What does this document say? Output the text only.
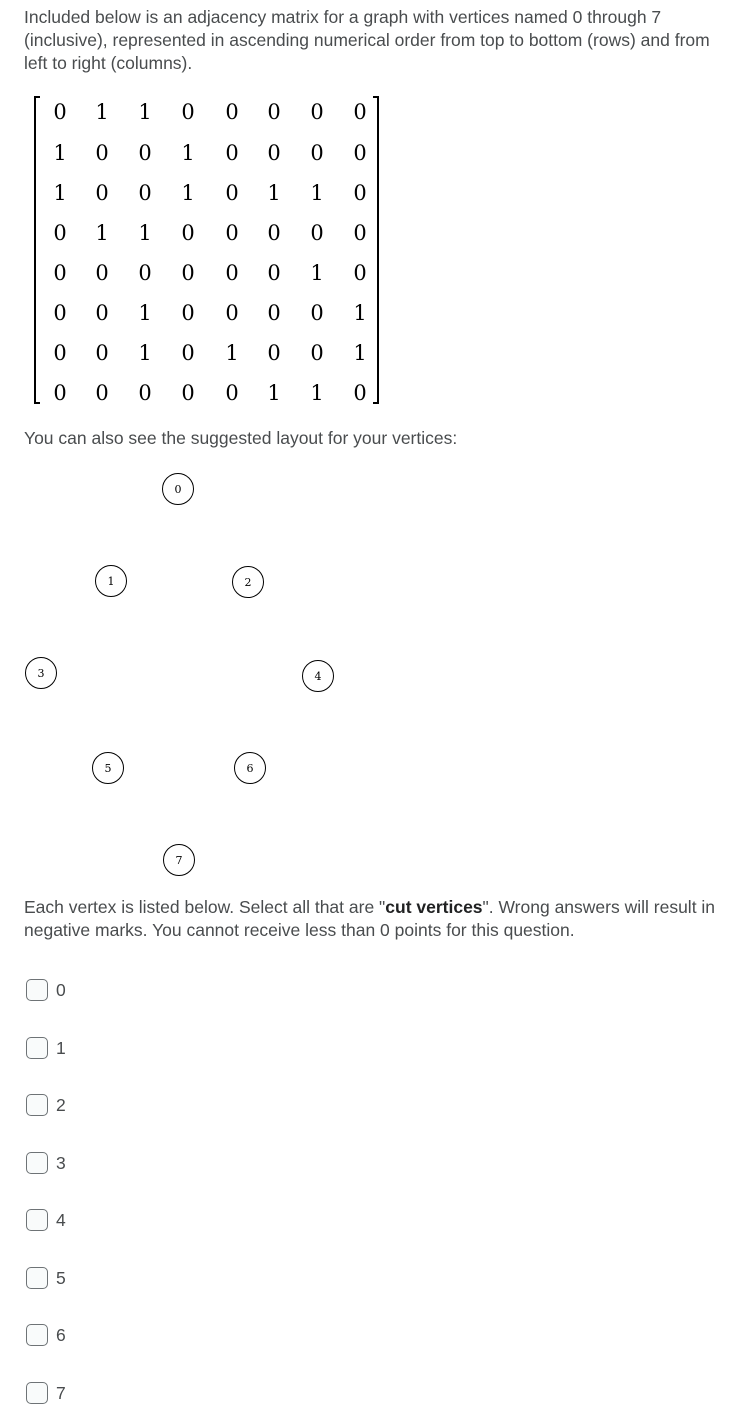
Included below is an adjacency matrix for a graph with vertices named 0 through 7 (inclusive), represented in ascending numerical order from top to bottom (rows) and from left to right (columns).

0 1 1 0 0 0 0 0
1 0 0 1 0 0 0 0
1 0 0 1 0 1 1 0
0 1 1 0 0 0 0 0
0 0 0 0 0 0 1 0
0 0 1 0 0 0 0 1
0 0 1 0 1 0 0 1
0 0 0 0 0 1 1 0

You can also see the suggested layout for your vertices:

0
1	2
3	4
5	6
7

Each vertex is listed below. Select all that are "cut vertices". Wrong answers will result in negative marks. You cannot receive less than 0 points for this question.

0
1
2
3
4
5
6
7
